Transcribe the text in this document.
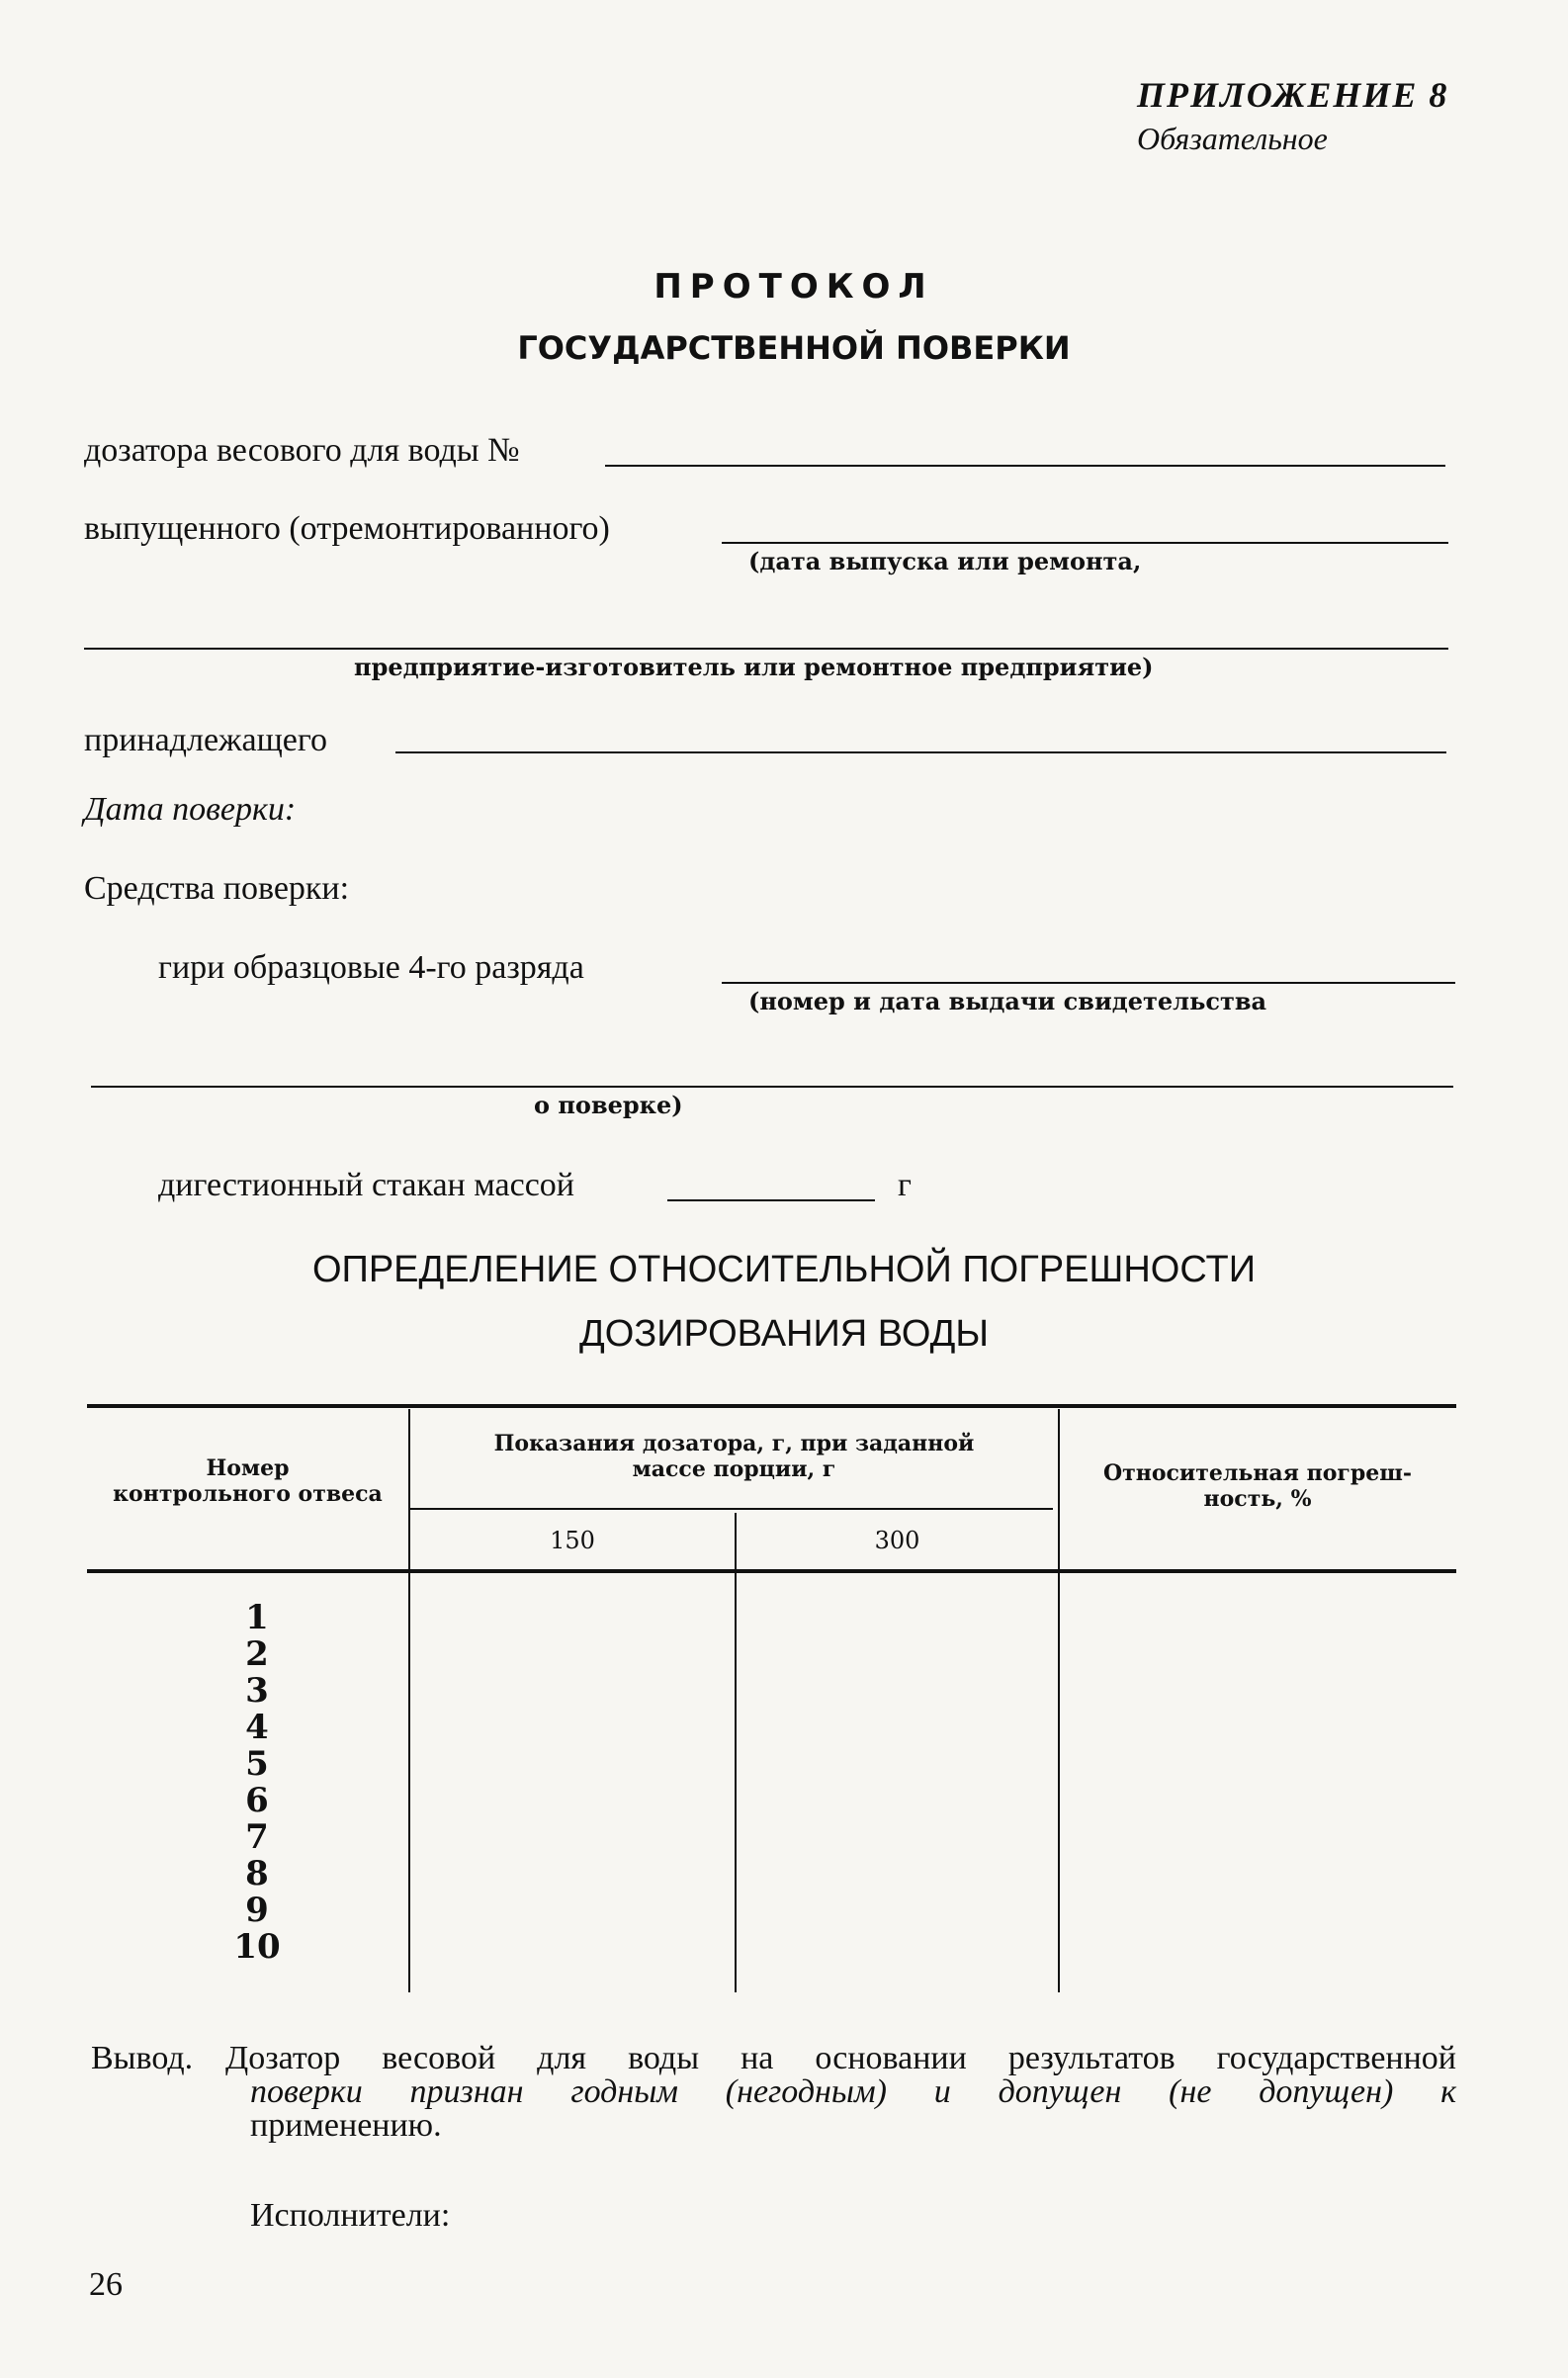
ПРИЛОЖЕНИЕ 8
Обязательное
ПРОТОКОЛ
ГОСУДАРСТВЕННОЙ ПОВЕРКИ
дозатора весового для воды №
выпущенного (отремонтированного)
(дата выпуска или ремонта,
предприятие-изготовитель или ремонтное предприятие)
принадлежащего
Дата поверки:
Средства поверки:
гири образцовые 4-го разряда
(номер и дата выдачи свидетельства
о поверке)
дигестионный стакан массой	г
ОПРЕДЕЛЕНИЕ ОТНОСИТЕЛЬНОЙ ПОГРЕШНОСТИ
ДОЗИРОВАНИЯ ВОДЫ
Номер
контрольного отвеса
Показания дозатора, г, при заданной
массе порции, г
150	300
Относительная погреш-
ность, %
1
2
3
4
5
6
7
8
9
10
Вывод. Дозатор весовой для воды на основании результатов государственной
поверки признан годным (негодным) и допущен (не допущен) к
применению.
Исполнители:
26
